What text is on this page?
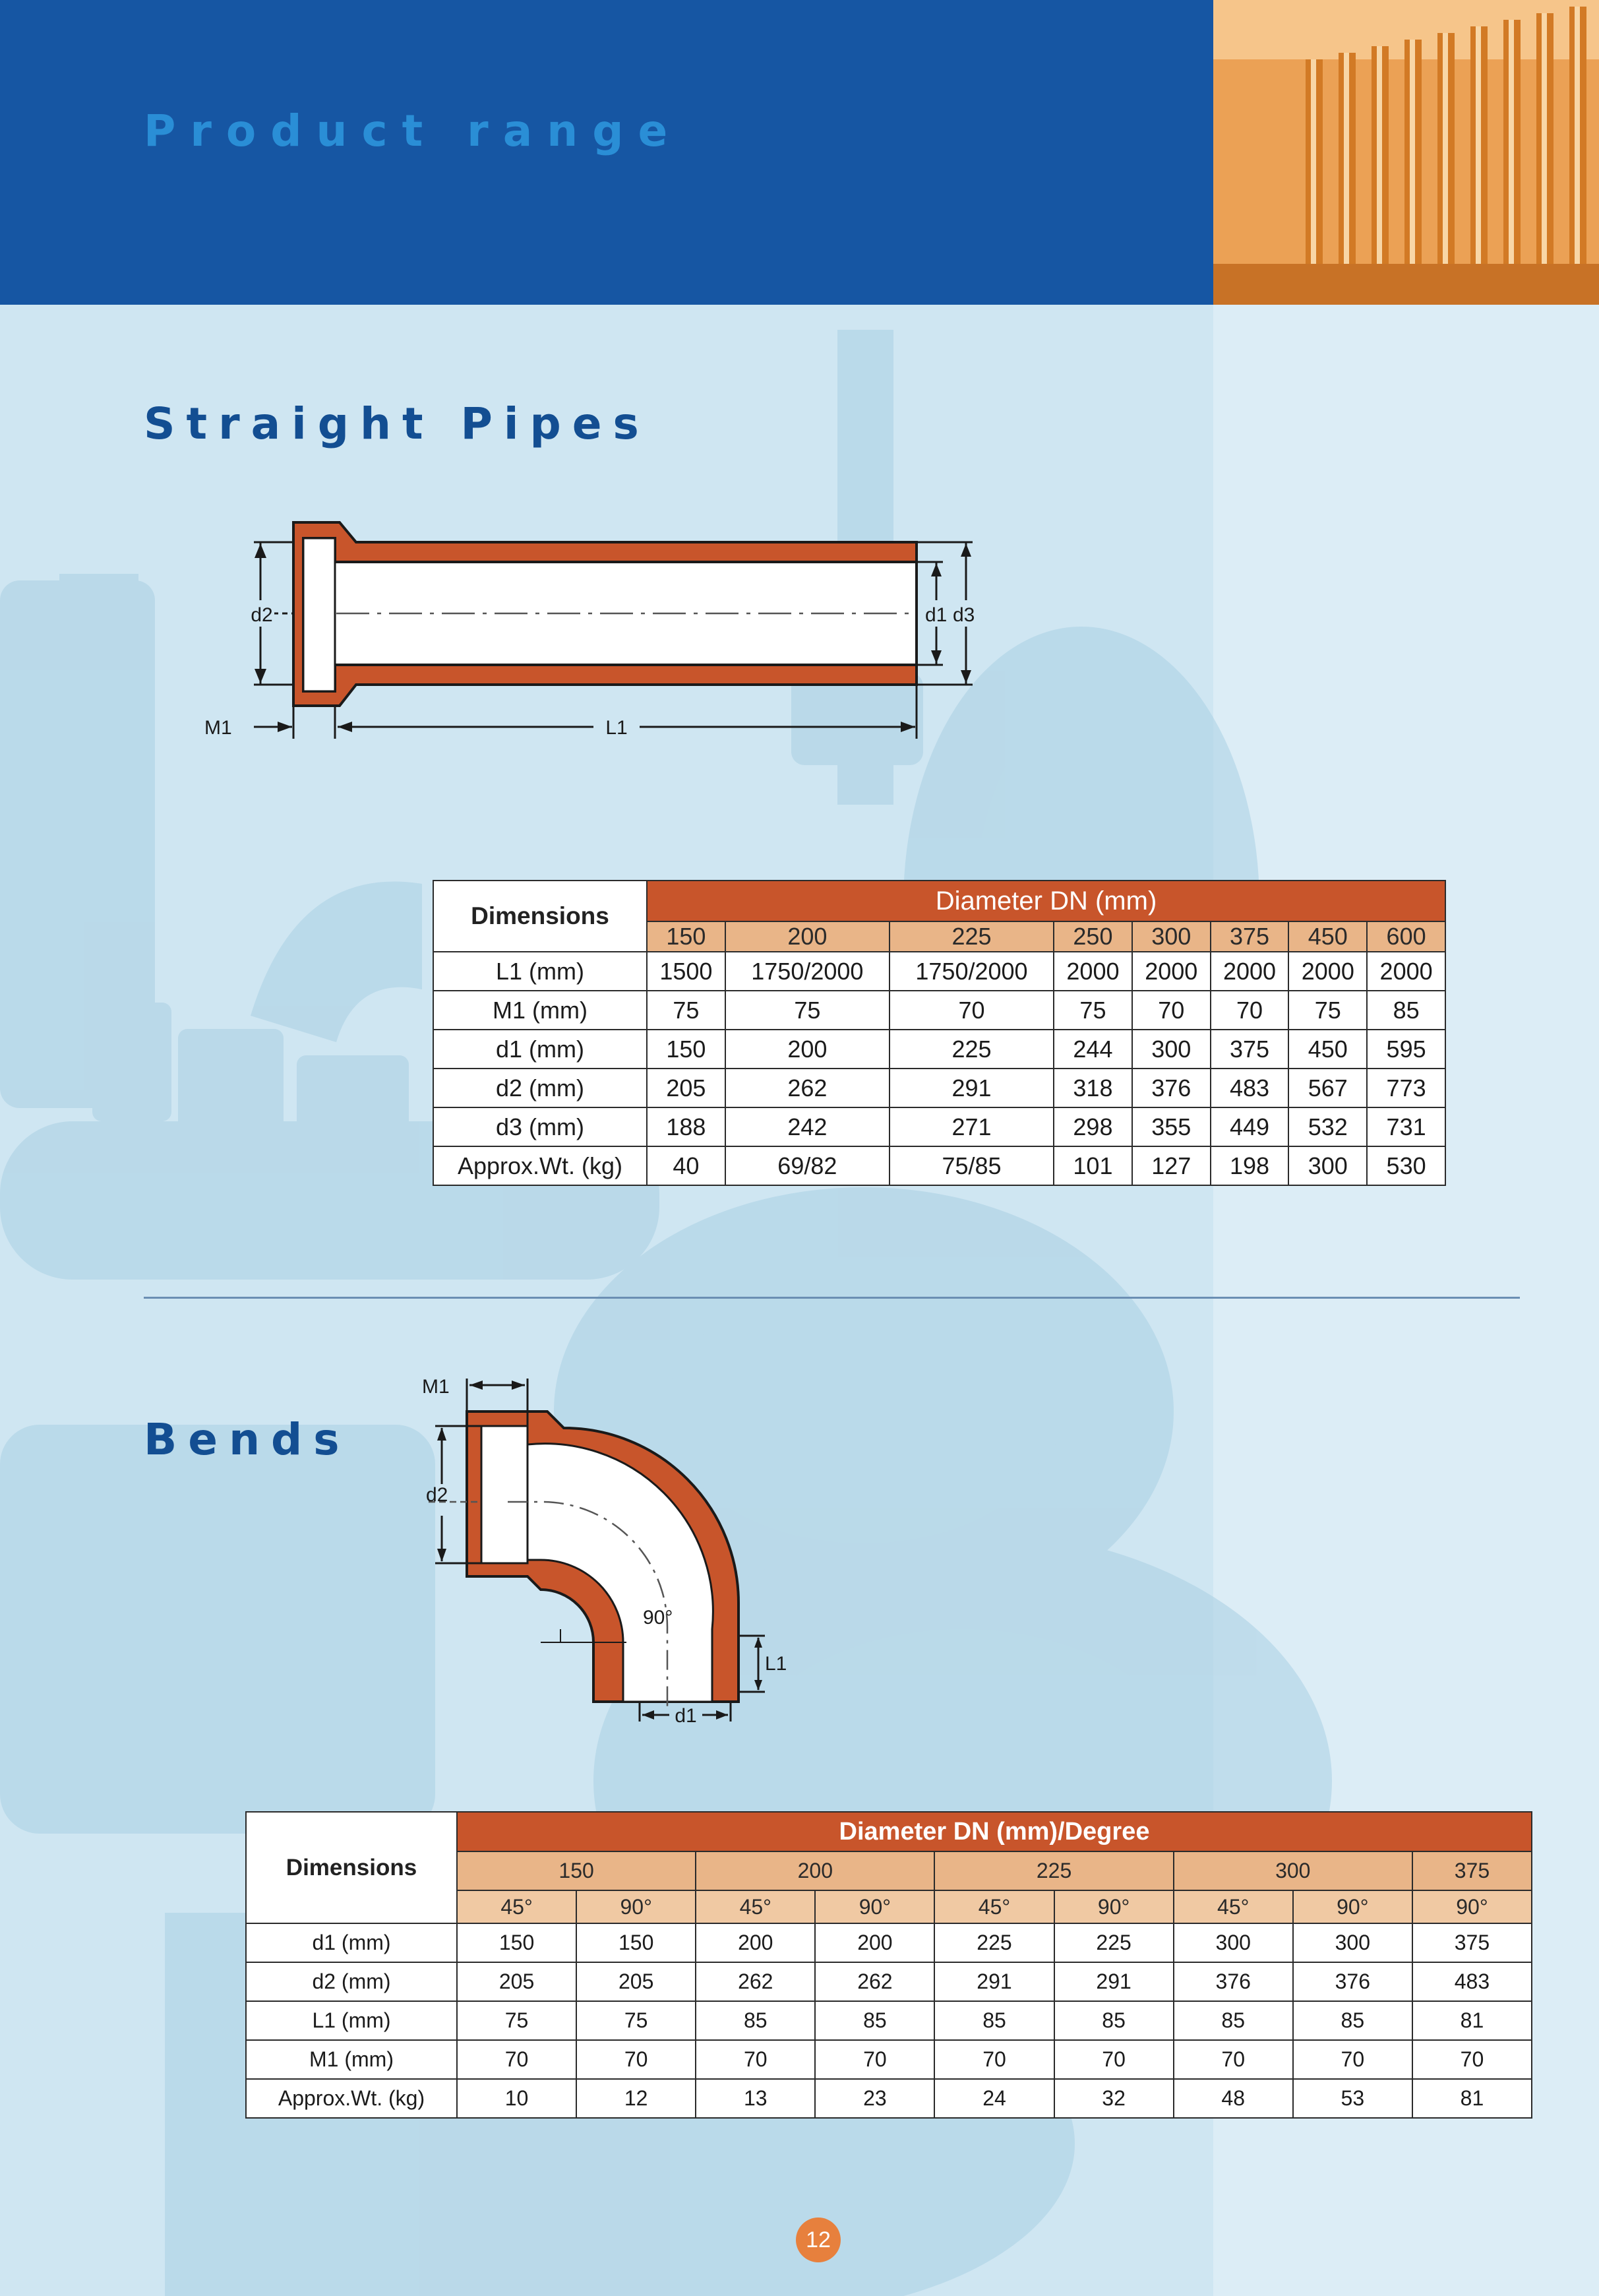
Product range
Straight Pipes
d2	d1 d3
M1	L1
Dimensions	Diameter DN (mm)							
	150	200	225	250	300	375	450	600
L1 (mm)	1500	1750/2000	1750/2000	2000	2000	2000	2000	2000
M1 (mm)	75	75	70	75	70	70	75	85
d1 (mm)	150	200	225	244	300	375	450	595
d2 (mm)	205	262	291	318	376	483	567	773
d3 (mm)	188	242	271	298	355	449	532	731
Approx.Wt. (kg)	40	69/82	75/85	101	127	198	300	530
Bends
M1
d2
90°
L1
d1
Dimensions	Diameter DN (mm)/Degree								
	150		200		225		300		375
	45°	90°	45°	90°	45°	90°	45°	90°	90°
d1 (mm)	150	150	200	200	225	225	300	300	375
d2 (mm)	205	205	262	262	291	291	376	376	483
L1 (mm)	75	75	85	85	85	85	85	85	81
M1 (mm)	70	70	70	70	70	70	70	70	70
Approx.Wt. (kg)	10	12	13	23	24	32	48	53	81
12
